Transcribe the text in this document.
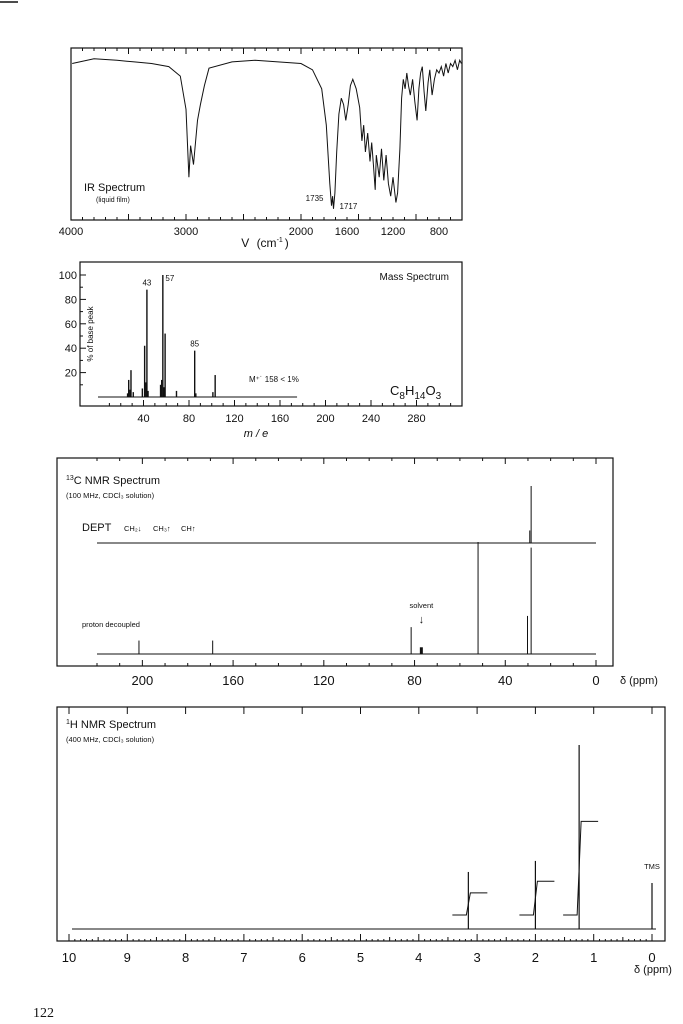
IR Spectrum
(liquid film)	1735
1717
4000	3000	2000 1600 1200 800
V ($cm^{-1}$ )
43
57
85
Mass Spectrum
M⁺˙ 158 < 1%
$C_8H_{14}O_3$
40	80	120 160 200 240 280
20
40
60
80
100
m / e
% of base peak
$^{13}$C NMR Spectrum
(100 MHz, CDCl₃ solution)
DEPT CH₂↓ CH₃↑ CH↑
proton decoupled
solvent
↓
200	160	120	80	40	0 δ (ppm)
$^1$H NMR Spectrum
(400 MHz, CDCl₃ solution)
TMS
10	9	8	7	6	5	4	3	2	1	0
δ (ppm)
122
